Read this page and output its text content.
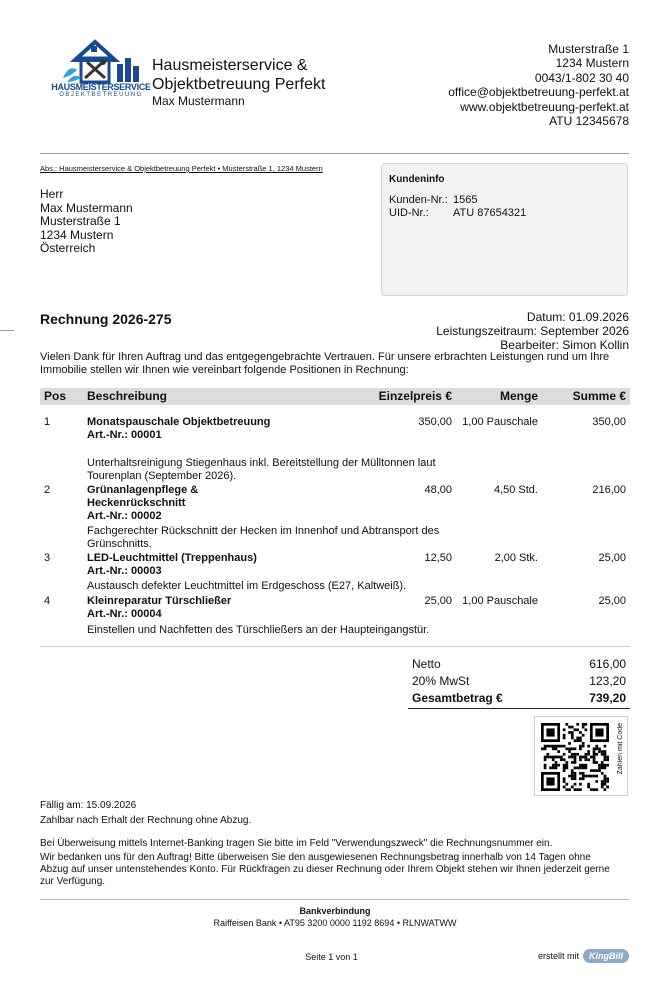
HAUSMEISTERSERVICE
OBJEKTBETREUUNG
Hausmeisterservice &
Objektbetreuung Perfekt
Max Mustermann
Musterstraße 1
1234 Mustern
0043/1-802 30 40
office@objektbetreuung-perfekt.at
www.objektbetreuung-perfekt.at
ATU 12345678
Abs.: Hausmeisterservice & Objektbetreuung Perfekt • Musterstraße 1, 1234 Mustern
Herr
Max Mustermann
Musterstraße 1
1234 Mustern
Österreich
Kundeninfo
Kunden-Nr.: 1565
UID-Nr.: ATU 87654321
Rechnung 2026-275	Datum: 01.09.2026
Leistungszeitraum: September 2026
Bearbeiter: Simon Kollin
Vielen Dank für Ihren Auftrag und das entgegengebrachte Vertrauen. Für unsere erbrachten Leistungen rund um Ihre Immobilie stellen wir Ihnen wie vereinbart folgende Positionen in Rechnung:
Pos Beschreibung	Einzelpreis €	Menge	Summe €
1	Monatspauschale Objektbetreuung
Art.-Nr.: 00001
350,00 1,00 Pauschale	350,00
Unterhaltsreinigung Stiegenhaus inkl. Bereitstellung der Mülltonnen laut Tourenplan (September 2026).
2	Grünanlagenpflege & Heckenrückschnitt
Art.-Nr.: 00002
48,00	4,50 Std.	216,00
Fachgerechter Rückschnitt der Hecken im Innenhof und Abtransport des Grünschnitts.
3	LED-Leuchtmittel (Treppenhaus)
Art.-Nr.: 00003
12,50	2,00 Stk.	25,00
Austausch defekter Leuchtmittel im Erdgeschoss (E27, Kaltweiß).
4	Kleinreparatur Türschließer
Art.-Nr.: 00004
25,00 1,00 Pauschale	25,00
Einstellen und Nachfetten des Türschließers an der Haupteingangstür.
Netto	616,00
20% MwSt	123,20
Gesamtbetrag €	739,20
Zahlen mit Code
Fällig am: 15.09.2026
Zahlbar nach Erhalt der Rechnung ohne Abzug.
Bei Überweisung mittels Internet-Banking tragen Sie bitte im Feld "Verwendungszweck" die Rechnungsnummer ein.
Wir bedanken uns für den Auftrag! Bitte überweisen Sie den ausgewiesenen Rechnungsbetrag innerhalb von 14 Tagen ohne Abzug auf unser untenstehendes Konto. Für Rückfragen zu dieser Rechnung oder Ihrem Objekt stehen wir Ihnen jederzeit gerne zur Verfügung.
Bankverbindung
Raiffeisen Bank • AT95 3200 0000 1192 8694 • RLNWATWW
Seite 1 von 1	erstellt mit	KingBill
